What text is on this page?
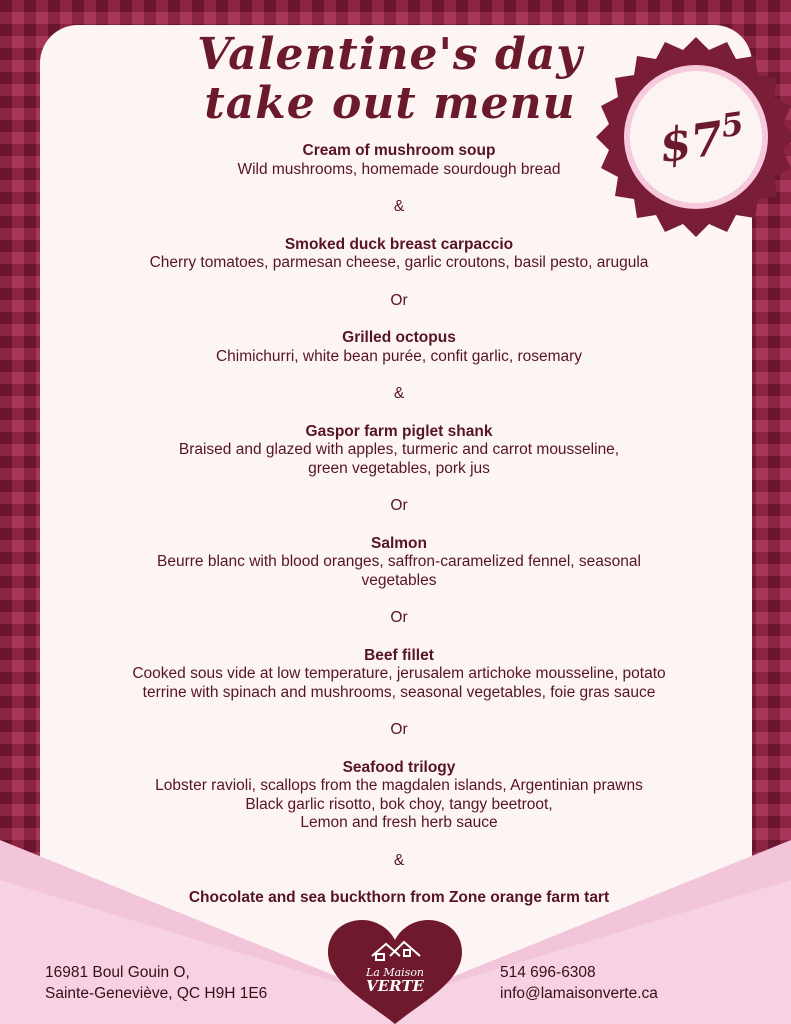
Valentine's day
take out menu
$\$7^5$
Cream of mushroom soup
Wild mushrooms, homemade sourdough bread
&
Smoked duck breast carpaccio
Cherry tomatoes, parmesan cheese, garlic croutons, basil pesto, arugula
Or
Grilled octopus
Chimichurri, white bean purée, confit garlic, rosemary
&
Gaspor farm piglet shank
Braised and glazed with apples, turmeric and carrot mousseline,
green vegetables, pork jus
Or
Salmon
Beurre blanc with blood oranges, saffron-caramelized fennel, seasonal
vegetables
Or
Beef fillet
Cooked sous vide at low temperature, jerusalem artichoke mousseline, potato
terrine with spinach and mushrooms, seasonal vegetables, foie gras sauce
Or
Seafood trilogy
Lobster ravioli, scallops from the magdalen islands, Argentinian prawns
Black garlic risotto, bok choy, tangy beetroot,
Lemon and fresh herb sauce
&
Chocolate and sea buckthorn from Zone orange farm tart
16981 Boul Gouin O,
Sainte-Geneviève, QC H9H 1E6
514 696-6308
info@lamaisonverte.ca
La Maison
VERTE
